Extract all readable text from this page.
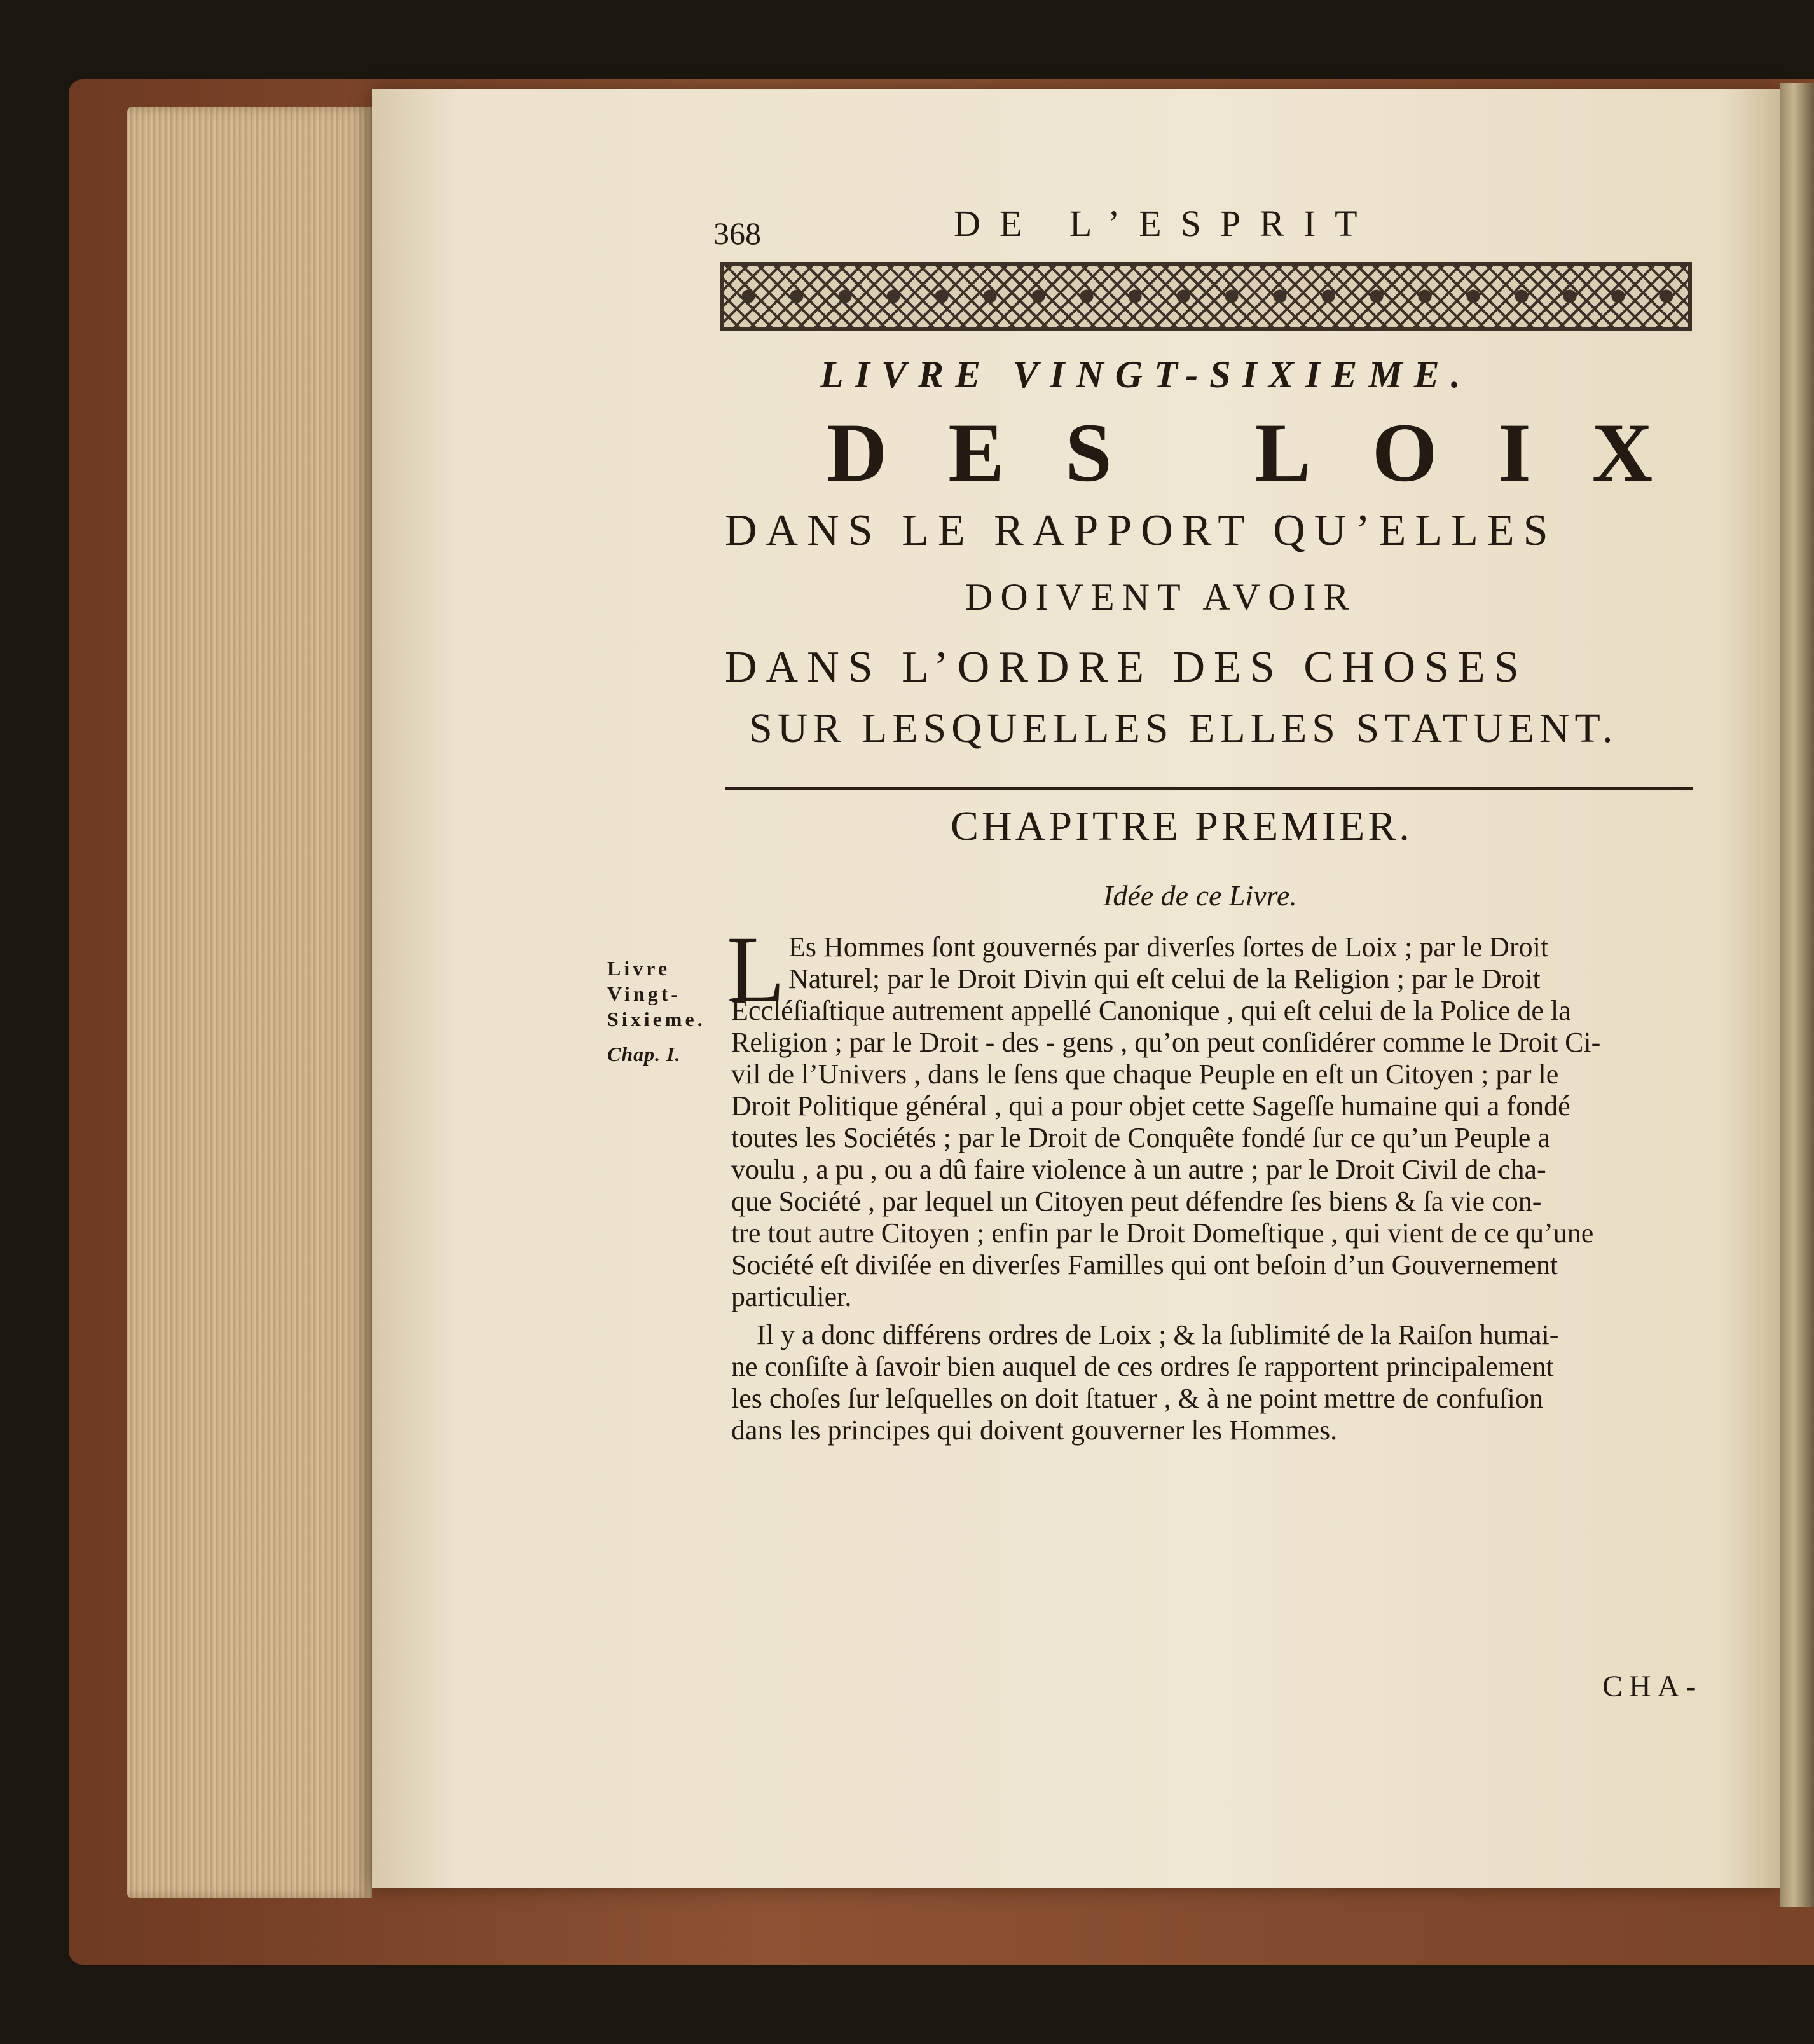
368	DE L’ESPRIT

LIVRE VINGT-SIXIEME.

DES LOIX

DANS LE RAPPORT QU’ELLES

DOIVENT AVOIR

DANS L’ORDRE DES CHOSES

SUR LESQUELLES ELLES STATUENT.

CHAPITRE PREMIER.

Idée de ce Livre.

Livre

Vingt-

Sixieme.

Chap. I.

L Es Hommes ſont gouvernés par diverſes ſortes de Loix ; par le Droit

Naturel; par le Droit Divin qui eſt celui de la Religion ; par le Droit

Eccléſiaſtique autrement appellé Canonique , qui eſt celui de la Police de la

Religion ; par le Droit - des - gens , qu’on peut conſidérer comme le Droit Ci-

vil de l’Univers , dans le ſens que chaque Peuple en eſt un Citoyen ; par le

Droit Politique général , qui a pour objet cette Sageſſe humaine qui a fondé

toutes les Sociétés ; par le Droit de Conquête fondé ſur ce qu’un Peuple a

voulu , a pu , ou a dû faire violence à un autre ; par le Droit Civil de cha-

que Société , par lequel un Citoyen peut défendre ſes biens & ſa vie con-

tre tout autre Citoyen ; enfin par le Droit Domeſtique , qui vient de ce qu’une

Société eſt diviſée en diverſes Familles qui ont beſoin d’un Gouvernement

particulier.

Il y a donc différens ordres de Loix ; & la ſublimité de la Raiſon humai-

ne conſiſte à ſavoir bien auquel de ces ordres ſe rapportent principalement

les choſes ſur leſquelles on doit ſtatuer , & à ne point mettre de confuſion

dans les principes qui doivent gouverner les Hommes.

CHA-
